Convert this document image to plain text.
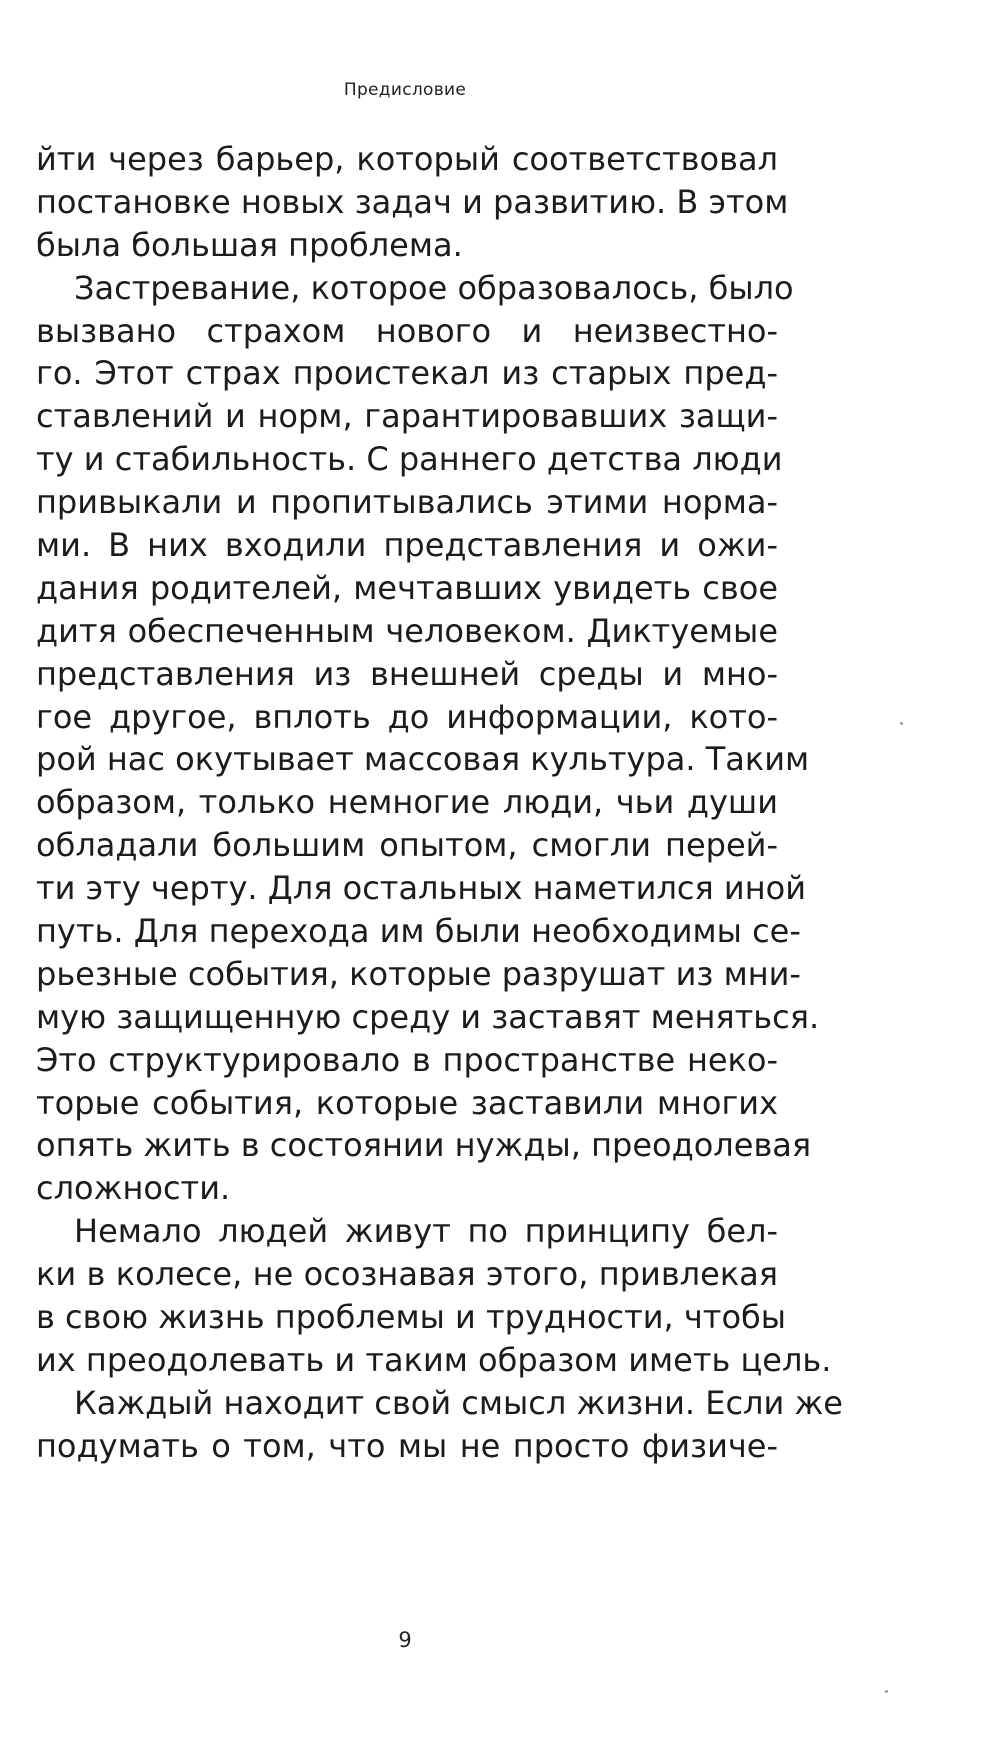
Предисловие
йти через барьер, который соответствовал
постановке новых задач и развитию. В этом
была большая проблема.
Застревание, которое образовалось, было
вызвано страхом нового и неизвестно-
го. Этот страх проистекал из старых пред-
ставлений и норм, гарантировавших защи-
ту и стабильность. С раннего детства люди
привыкали и пропитывались этими норма-
ми. В них входили представления и ожи-
дания родителей, мечтавших увидеть свое
дитя обеспеченным человеком. Диктуемые
представления из внешней среды и мно-
гое другое, вплоть до информации, кото-
рой нас окутывает массовая культура. Таким
образом, только немногие люди, чьи души
обладали большим опытом, смогли перей-
ти эту черту. Для остальных наметился иной
путь. Для перехода им были необходимы се-
рьезные события, которые разрушат из мни-
мую защищенную среду и заставят меняться.
Это структурировало в пространстве неко-
торые события, которые заставили многих
опять жить в состоянии нужды, преодолевая
сложности.
Немало людей живут по принципу бел-
ки в колесе, не осознавая этого, привлекая
в свою жизнь проблемы и трудности, чтобы
их преодолевать и таким образом иметь цель.
Каждый находит свой смысл жизни. Если же
подумать о том, что мы не просто физиче-
9
